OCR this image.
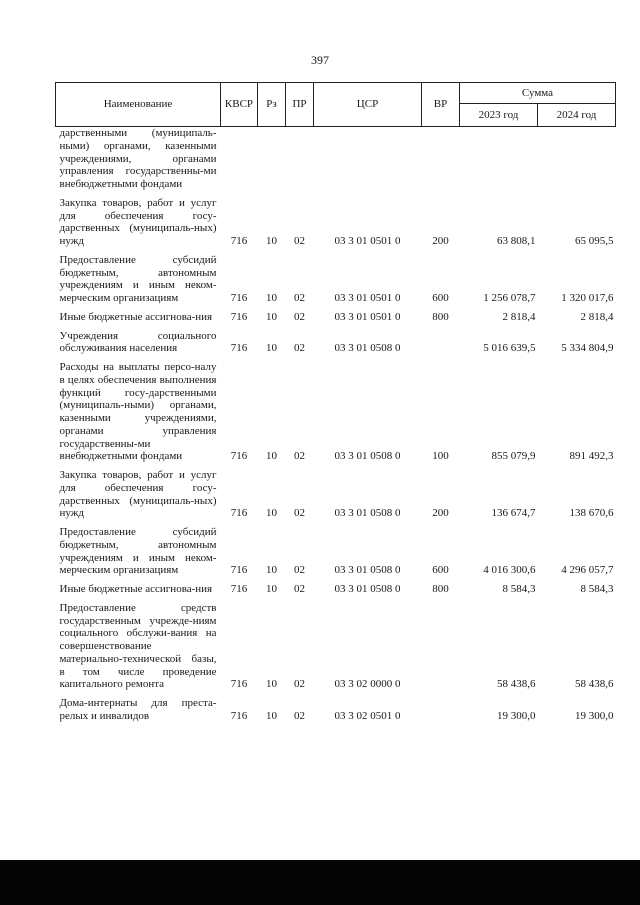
397
Наименование	КВСР	Рз	ПР	ЦСР	ВР	Сумма	
						2023 год	2024 год
дарственными (муниципаль-ными) органами, казенными учреждениями, органами управления государственны-ми внебюджетными фондами							
Закупка товаров, работ и услуг для обеспечения госу-дарственных (муниципаль-ных) нужд	716	10	02	03 3 01 0501 0	200	63 808,1	65 095,5
Предоставление субсидий бюджетным, автономным учреждениям и иным неком-мерческим организациям	716	10	02	03 3 01 0501 0	600	1 256 078,7	1 320 017,6
Иные бюджетные ассигнова-ния	716	10	02	03 3 01 0501 0	800	2 818,4	2 818,4
Учреждения социального обслуживания населения	716	10	02	03 3 01 0508 0		5 016 639,5	5 334 804,9
Расходы на выплаты персо-налу в целях обеспечения выполнения функций госу-дарственными (муниципаль-ными) органами, казенными учреждениями, органами управления государственны-ми внебюджетными фондами	716	10	02	03 3 01 0508 0	100	855 079,9	891 492,3
Закупка товаров, работ и услуг для обеспечения госу-дарственных (муниципаль-ных) нужд	716	10	02	03 3 01 0508 0	200	136 674,7	138 670,6
Предоставление субсидий бюджетным, автономным учреждениям и иным неком-мерческим организациям	716	10	02	03 3 01 0508 0	600	4 016 300,6	4 296 057,7
Иные бюджетные ассигнова-ния	716	10	02	03 3 01 0508 0	800	8 584,3	8 584,3
Предоставление средств государственным учрежде-ниям социального обслужи-вания на совершенствование материально-технической базы, в том числе проведение капитального ремонта	716	10	02	03 3 02 0000 0		58 438,6	58 438,6
Дома-интернаты для преста-релых и инвалидов	716	10	02	03 3 02 0501 0		19 300,0	19 300,0
